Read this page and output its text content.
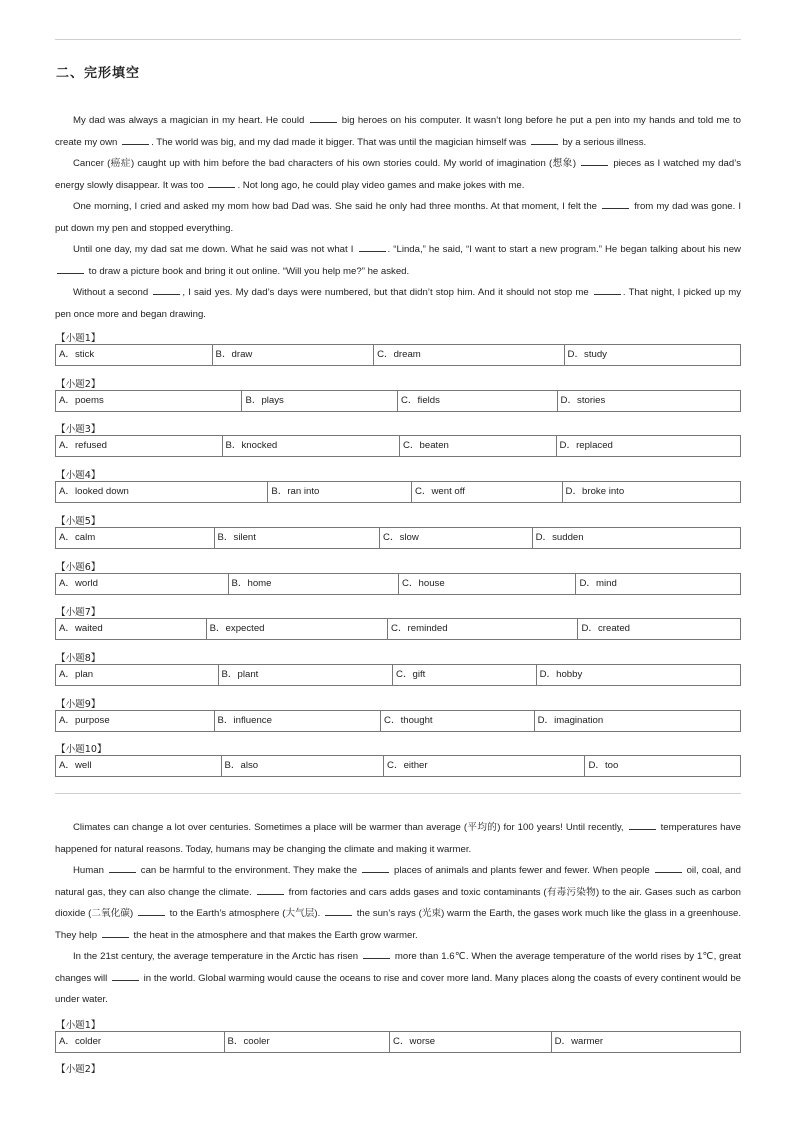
二、完形填空

My dad was always a magician in my heart. He could	big heroes on his computer. It wasn’t long before he put a pen into my hands and told me to create my own	. The world was big, and my dad made it bigger. That was until the magician himself was	by a serious illness.

Cancer (癌症) caught up with him before the bad characters of his own stories could. My world of imagination (想象)	pieces as I watched my dad’s energy slowly disappear. It was too	. Not long ago, he could play video games and make jokes with me.

One morning, I cried and asked my mom how bad Dad was. She said he only had three months. At that moment, I felt the	from my dad was gone. I put down my pen and stopped everything.

Until one day, my dad sat me down. What he said was not what I	. “Linda,” he said, “I want to start a new program.” He began talking about his new  to draw a picture book and bring it out online. “Will you help me?” he asked.

Without a second	, I said yes. My dad’s days were numbered, but that didn’t stop him. And it should not stop me	. That night, I picked up my pen once more and began drawing.

【小题1】
A．stick	B．draw	C．dream	D．study
【小题2】
A．poems	B．plays	C．fields	D．stories
【小题3】
A．refused	B．knocked	C．beaten	D．replaced
【小题4】
A．looked down	B．ran into	C．went off	D．broke into
【小题5】
A．calm	B．silent	C．slow	D．sudden
【小题6】
A．world	B．home	C．house	D．mind
【小题7】
A．waited	B．expected	C．reminded	D．created
【小题8】
A．plan	B．plant	C．gift	D．hobby
【小题9】
A．purpose	B．influence	C．thought	D．imagination
【小题10】
A．well	B．also	C．either	D．too

Climates can change a lot over centuries. Sometimes a place will be warmer than average (平均的) for 100 years! Until recently,	temperatures have happened for natural reasons. Today, humans may be changing the climate and making it warmer.

Human	can be harmful to the environment. They make the	places of animals and plants fewer and fewer. When people	oil, coal, and natural gas, they can also change the climate.	from factories and cars adds gases and toxic contaminants (有毒污染物) to the air. Gases such as carbon dioxide (二氧化碳)	to the Earth’s atmosphere (大气层).	the sun’s rays (光束) warm the Earth, the gases work much like the glass in a greenhouse. They help	the heat in the atmosphere and that makes the Earth grow warmer.

In the 21st century, the average temperature in the Arctic has risen	more than 1.6℃. When the average temperature of the world rises by 1℃, great changes will	in the world. Global warming would cause the oceans to rise and cover more land. Many places along the coasts of every continent would be under water.

【小题1】
A．colder	B．cooler	C．worse	D．warmer
【小题2】
